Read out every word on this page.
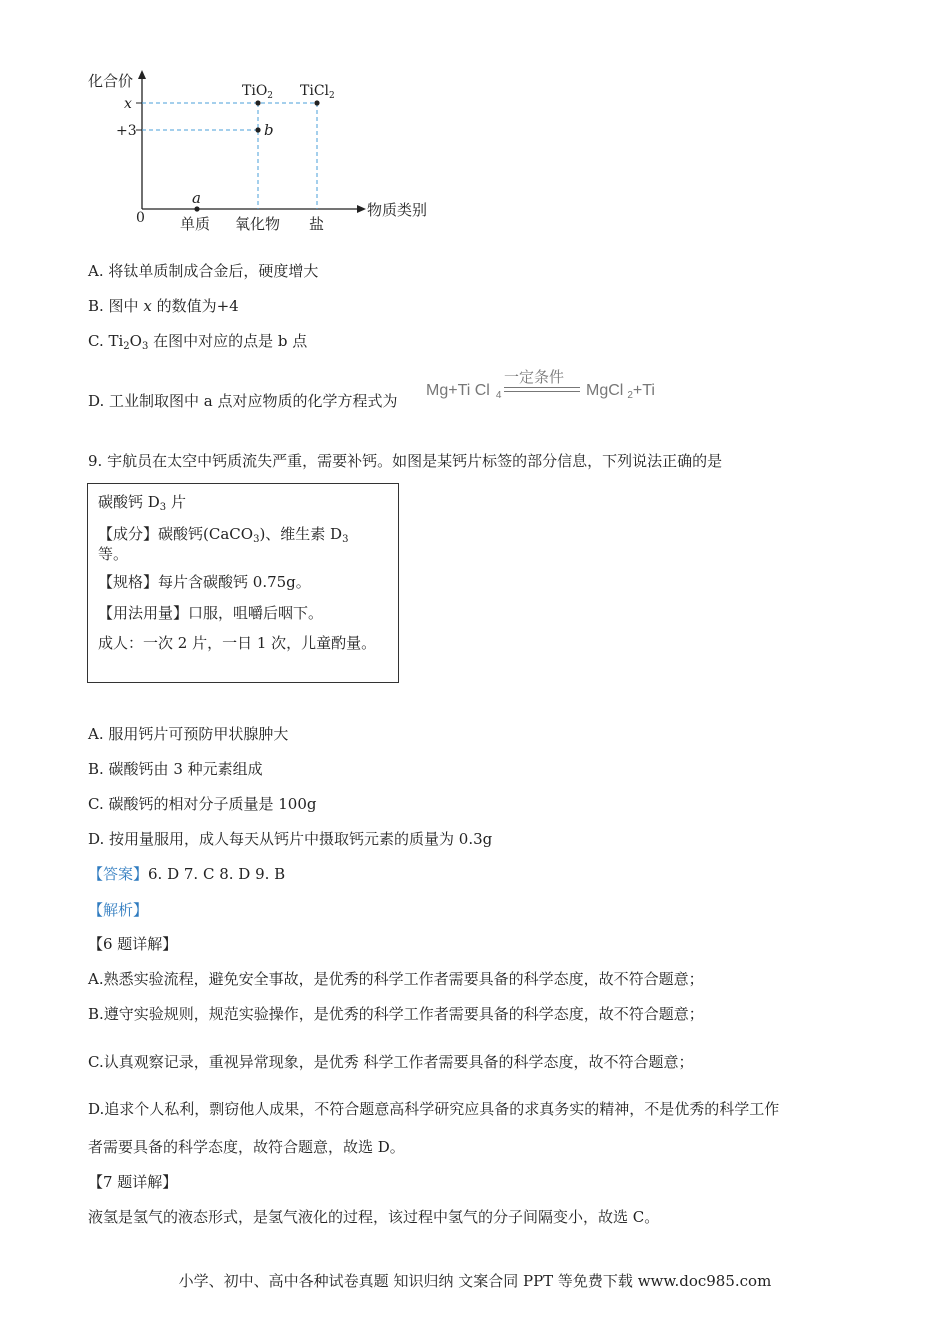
化合价
x
+3
0	物质类别
单质 氧化物 盐
a
b
TiO$_2$ TiCl$_2$
A. 将钛单质制成合金后，硬度增大
B. 图中 x 的数值为+4
C. $Ti_2O_3$ 在图中对应的点是 b 点
D. 工业制取图中 a 点对应物质的化学方程式为
Mg+Ti Cl $_4$
一定条件
MgCl $_2$+Ti
9. 宇航员在太空中钙质流失严重，需要补钙。如图是某钙片标签的部分信息，下列说法正确的是
碳酸钙 $D_3$ 片
【成分】碳酸钙(CaCO$_3$)、维生素 $D_3$等。
【规格】每片含碳酸钙 0.75g。
【用法用量】口服，咀嚼后咽下。
成人：一次 2 片，一日 1 次，儿童酌量。
A. 服用钙片可预防甲状腺肿大
B. 碳酸钙由 3 种元素组成
C. 碳酸钙的相对分子质量是 100g
D. 按用量服用，成人每天从钙片中摄取钙元素的质量为 0.3g
【答案】6. D 7. C 8. D 9. B
【解析】
【6 题详解】
A.熟悉实验流程，避免安全事故，是优秀的科学工作者需要具备的科学态度，故不符合题意；
B.遵守实验规则，规范实验操作，是优秀的科学工作者需要具备的科学态度，故不符合题意；
C.认真观察记录，重视异常现象，是优秀 科学工作者需要具备的科学态度，故不符合题意；
D.追求个人私利，剽窃他人成果，不符合题意高科学研究应具备的求真务实的精神，不是优秀的科学工作
者需要具备的科学态度，故符合题意，故选 D。
【7 题详解】
液氢是氢气的液态形式，是氢气液化的过程，该过程中氢气的分子间隔变小，故选 C。
小学、初中、高中各种试卷真题 知识归纳 文案合同 PPT 等免费下载 www.doc985.com
